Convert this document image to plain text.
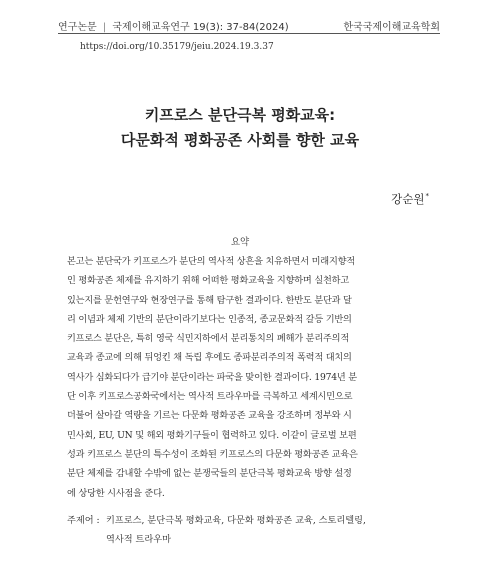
연구논문 | 국제이해교육연구 19(3): 37-84(2024)	한국국제이해교육학회
https://doi.org/10.35179/jeiu.2024.19.3.37
키프로스 분단극복 평화교육:
다문화적 평화공존 사회를 향한 교육
강순원*
요약
본고는 분단국가 키프로스가 분단의 역사적 상흔을 치유하면서 미래지향적
인 평화공존 체제를 유지하기 위해 어떠한 평화교육을 지향하며 실천하고
있는지를 문헌연구와 현장연구를 통해 탐구한 결과이다. 한반도 분단과 달
리 이념과 체제 기반의 분단이라기보다는 인종적, 종교문화적 갈등 기반의
키프로스 분단은, 특히 영국 식민지하에서 분리통치의 폐해가 분리주의적
교육과 종교에 의해 뒤엉킨 채 독립 후에도 종파분리주의적 폭력적 대치의
역사가 심화되다가 급기야 분단이라는 파국을 맞이한 결과이다. 1974년 분
단 이후 키프로스공화국에서는 역사적 트라우마를 극복하고 세계시민으로
더불어 살아갈 역량을 기르는 다문화 평화공존 교육을 강조하며 정부와 시
민사회, EU, UN 및 해외 평화기구들이 협력하고 있다. 이같이 글로벌 보편
성과 키프로스 분단의 특수성이 조화된 키프로스의 다문화 평화공존 교육은
분단 체제를 감내할 수밖에 없는 분쟁국들의 분단극복 평화교육 방향 설정
에 상당한 시사점을 준다.
주제어 : 키프로스, 분단극복 평화교육, 다문화 평화공존 교육, 스토리텔링,
역사적 트라우마
